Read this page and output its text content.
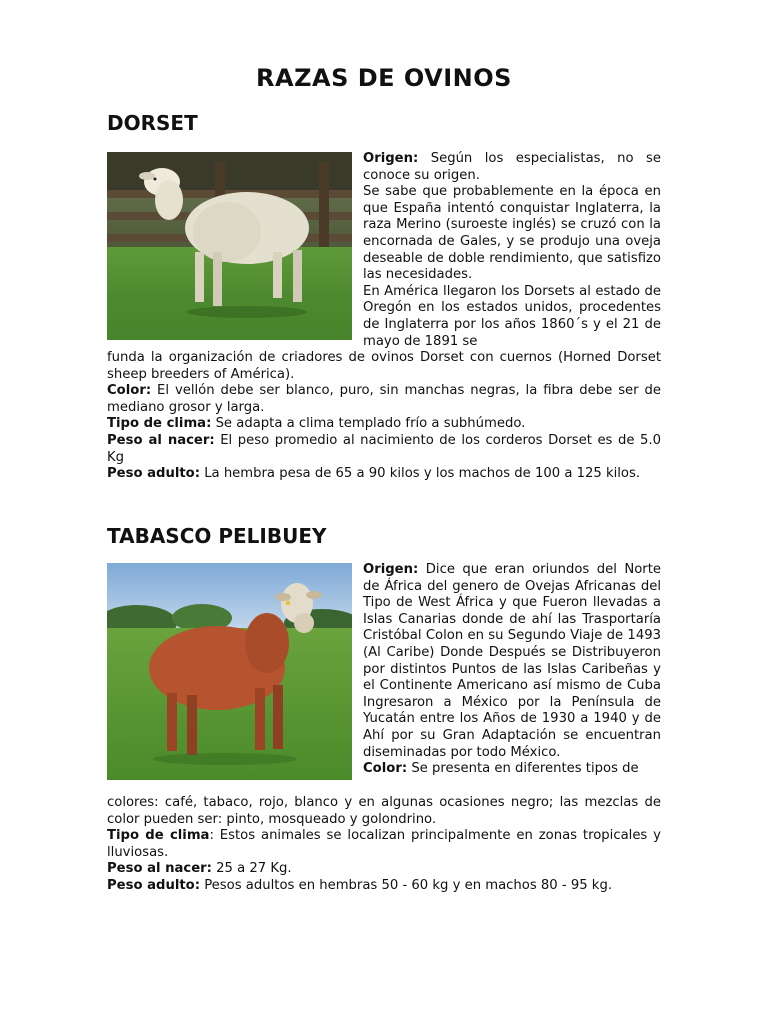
RAZAS DE OVINOS
DORSET

Origen: Según los especialistas, no se conoce su origen.

Se sabe que probablemente en la época en que España intentó conquistar Inglaterra, la raza Merino (suroeste inglés) se cruzó con la encornada de Gales, y se produjo una oveja deseable de doble rendimiento, que satisfizo las necesidades.

En América llegaron los Dorsets al estado de Oregón en los estados unidos, procedentes de Inglaterra por los años 1860´s y el 21 de mayo de 1891 se

funda la organización de criadores de ovinos Dorset con cuernos (Horned Dorset sheep breeders of América).

Color: El vellón debe ser blanco, puro, sin manchas negras, la fibra debe ser de mediano grosor y larga.

Tipo de clima: Se adapta a clima templado frío a subhúmedo.

Peso al nacer: El peso promedio al nacimiento de los corderos Dorset es de 5.0 Kg

Peso adulto: La hembra pesa de 65 a 90 kilos y los machos de 100 a 125 kilos.

TABASCO PELIBUEY

Origen: Dice que eran oriundos del Norte de África del genero de Ovejas Africanas del Tipo de West África y que Fueron llevadas a Islas Canarias donde de ahí las Trasportaría Cristóbal Colon en su Segundo Viaje de 1493 (Al Caribe) Donde Después se Distribuyeron por distintos Puntos de las Islas Caribeñas y el Continente Americano así mismo de Cuba Ingresaron a México por la Península de Yucatán entre los Años de 1930 a 1940 y de Ahí por su Gran Adaptación se encuentran diseminadas por todo México.

Color: Se presenta en diferentes tipos de

colores: café, tabaco, rojo, blanco y en algunas ocasiones negro; las mezclas de color pueden ser: pinto, mosqueado y golondrino.

Tipo de clima: Estos animales se localizan principalmente en zonas tropicales y lluviosas.

Peso al nacer: 25 a 27 Kg.

Peso adulto: Pesos adultos en hembras 50 - 60 kg y en machos 80 - 95 kg.
